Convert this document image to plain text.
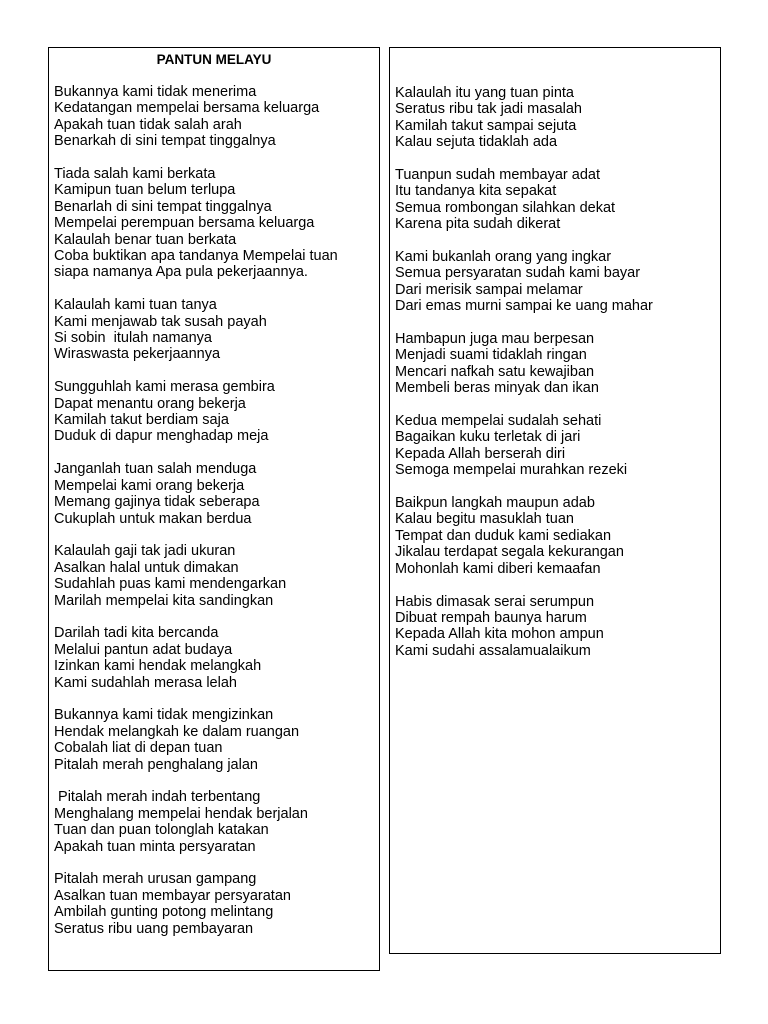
PANTUN MELAYU
Bukannya kami tidak menerima
Kedatangan mempelai bersama keluarga
Apakah tuan tidak salah arah
Benarkah di sini tempat tinggalnya
Tiada salah kami berkata
Kamipun tuan belum terlupa
Benarlah di sini tempat tinggalnya
Mempelai perempuan bersama keluarga
Kalaulah benar tuan berkata
Coba buktikan apa tandanya Mempelai tuan
siapa namanya Apa pula pekerjaannya.
Kalaulah kami tuan tanya
Kami menjawab tak susah payah
Si sobin  itulah namanya
Wiraswasta pekerjaannya
Sungguhlah kami merasa gembira
Dapat menantu orang bekerja
Kamilah takut berdiam saja
Duduk di dapur menghadap meja
Janganlah tuan salah menduga
Mempelai kami orang bekerja
Memang gajinya tidak seberapa
Cukuplah untuk makan berdua
Kalaulah gaji tak jadi ukuran
Asalkan halal untuk dimakan
Sudahlah puas kami mendengarkan
Marilah mempelai kita sandingkan
Darilah tadi kita bercanda
Melalui pantun adat budaya
Izinkan kami hendak melangkah
Kami sudahlah merasa lelah
Bukannya kami tidak mengizinkan
Hendak melangkah ke dalam ruangan
Cobalah liat di depan tuan
Pitalah merah penghalang jalan
Pitalah merah indah terbentang
Menghalang mempelai hendak berjalan
Tuan dan puan tolonglah katakan
Apakah tuan minta persyaratan
Pitalah merah urusan gampang
Asalkan tuan membayar persyaratan
Ambilah gunting potong melintang
Seratus ribu uang pembayaran
Kalaulah itu yang tuan pinta
Seratus ribu tak jadi masalah
Kamilah takut sampai sejuta
Kalau sejuta tidaklah ada
Tuanpun sudah membayar adat
Itu tandanya kita sepakat
Semua rombongan silahkan dekat
Karena pita sudah dikerat
Kami bukanlah orang yang ingkar
Semua persyaratan sudah kami bayar
Dari merisik sampai melamar
Dari emas murni sampai ke uang mahar
Hambapun juga mau berpesan
Menjadi suami tidaklah ringan
Mencari nafkah satu kewajiban
Membeli beras minyak dan ikan
Kedua mempelai sudalah sehati
Bagaikan kuku terletak di jari
Kepada Allah berserah diri
Semoga mempelai murahkan rezeki
Baikpun langkah maupun adab
Kalau begitu masuklah tuan
Tempat dan duduk kami sediakan
Jikalau terdapat segala kekurangan
Mohonlah kami diberi kemaafan
Habis dimasak serai serumpun
Dibuat rempah baunya harum
Kepada Allah kita mohon ampun
Kami sudahi assalamualaikum
